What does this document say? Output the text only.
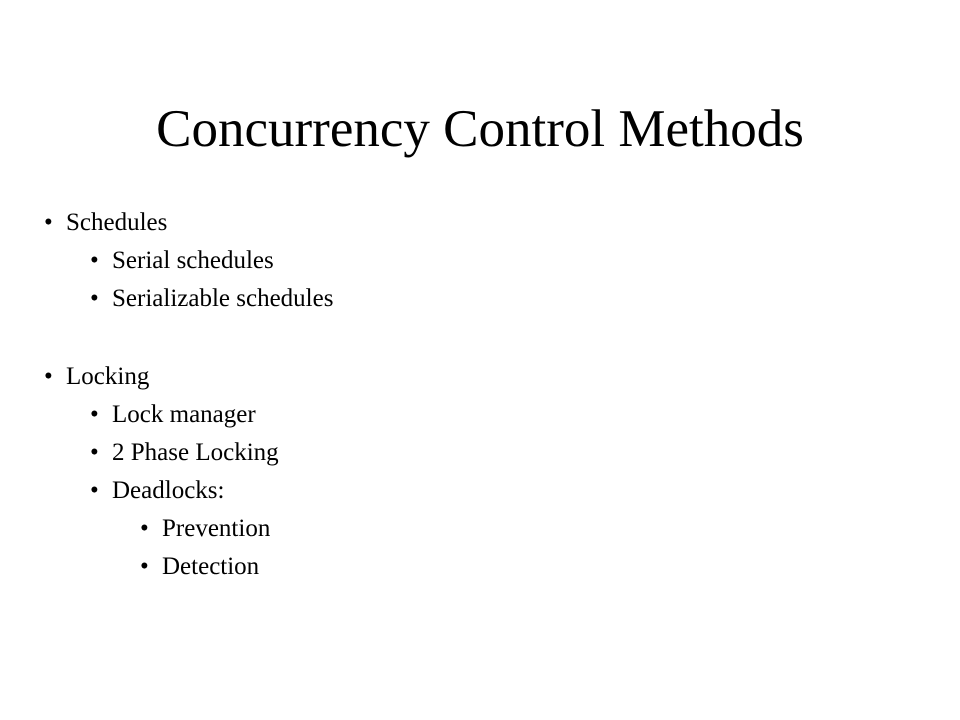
Concurrency Control Methods
• Schedules
• Serial schedules
• Serializable schedules
• Locking
• Lock manager
• 2 Phase Locking
• Deadlocks:
• Prevention
• Detection
